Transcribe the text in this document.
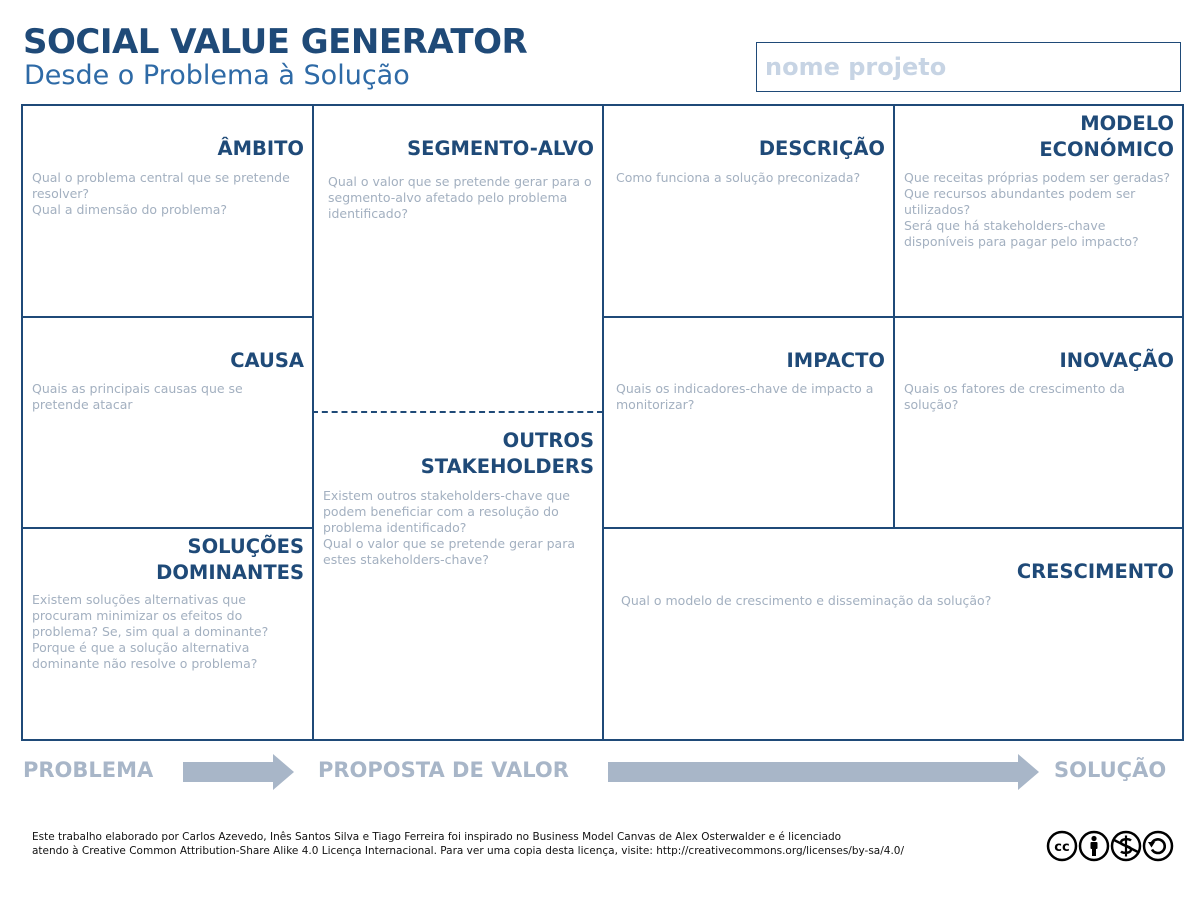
SOCIAL VALUE GENERATOR
Desde o Problema à Solução
nome projeto
ÂMBITO
Qual o problema central que se pretende
resolver?
Qual a dimensão do problema?
SEGMENTO-ALVO
Qual o valor que se pretende gerar para o
segmento-alvo afetado pelo problema
identificado?
OUTROS
STAKEHOLDERS
Existem outros stakeholders-chave que
podem beneficiar com a resolução do
problema identificado?
Qual o valor que se pretende gerar para
estes stakeholders-chave?
DESCRIÇÃO
Como funciona a solução preconizada?
MODELO
ECONÓMICO
Que receitas próprias podem ser geradas?
Que recursos abundantes podem ser
utilizados?
Será que há stakeholders-chave
disponíveis para pagar pelo impacto?
CAUSA
Quais as principais causas que se
pretende atacar
IMPACTO
Quais os indicadores-chave de impacto a
monitorizar?
INOVAÇÃO
Quais os fatores de crescimento da
solução?
SOLUÇÕES
DOMINANTES
Existem soluções alternativas que
procuram minimizar os efeitos do
problema? Se, sim qual a dominante?
Porque é que a solução alternativa
dominante não resolve o problema?
CRESCIMENTO
Qual o modelo de crescimento e disseminação da solução?
PROBLEMA	PROPOSTA DE VALOR	SOLUÇÃO
Este trabalho elaborado por Carlos Azevedo, Inês Santos Silva e Tiago Ferreira foi inspirado no Business Model Canvas de Alex Osterwalder e é licenciado
atendo à Creative Common Attribution-Share Alike 4.0 Licença Internacional. Para ver uma copia desta licença, visite: http://creativecommons.org/licenses/by-sa/4.0/	cc
